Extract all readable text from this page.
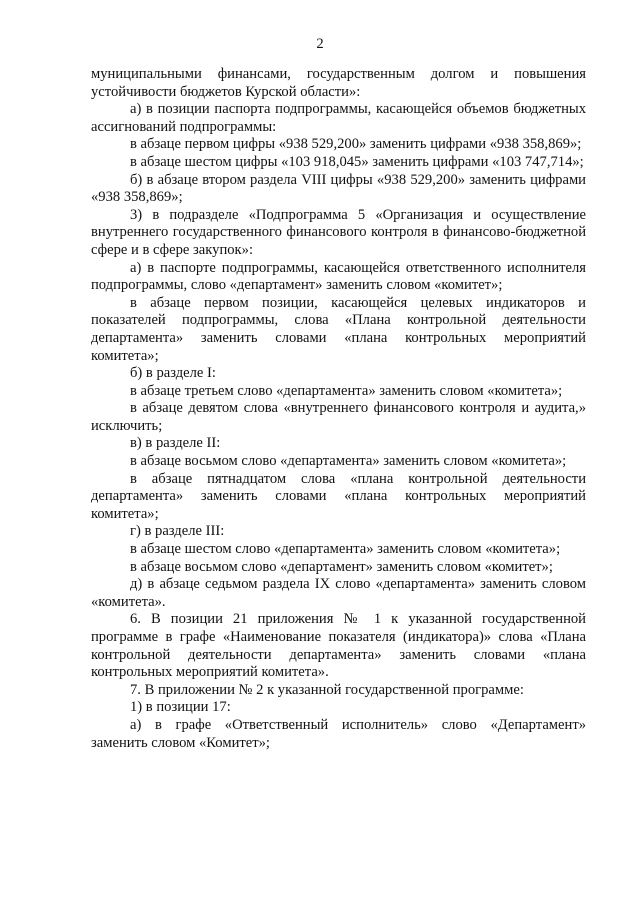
2

муниципальными финансами, государственным долгом и повышения устойчивости бюджетов Курской области»:

а) в позиции паспорта подпрограммы, касающейся объемов бюджетных ассигнований подпрограммы:

в абзаце первом цифры «938 529,200» заменить цифрами «938 358,869»;

в абзаце шестом цифры «103 918,045» заменить цифрами «103 747,714»;

б) в абзаце втором раздела VIII цифры «938 529,200» заменить цифрами «938 358,869»;

3) в подразделе «Подпрограмма 5 «Организация и осуществление внутреннего государственного финансового контроля в финансово-бюджетной сфере и в сфере закупок»:

а) в паспорте подпрограммы, касающейся ответственного исполнителя подпрограммы, слово «департамент» заменить словом «комитет»;

в абзаце первом позиции, касающейся целевых индикаторов и показателей подпрограммы, слова «Плана контрольной деятельности департамента» заменить словами «плана контрольных мероприятий комитета»;

б) в разделе I:

в абзаце третьем слово «департамента» заменить словом «комитета»;

в абзаце девятом слова «внутреннего финансового контроля и аудита,» исключить;

в) в разделе II:

в абзаце восьмом слово «департамента» заменить словом «комитета»;

в абзаце пятнадцатом слова «плана контрольной деятельности департамента» заменить словами «плана контрольных мероприятий комитета»;

г) в разделе III:

в абзаце шестом слово «департамента» заменить словом «комитета»;

в абзаце восьмом слово «департамент» заменить словом «комитет»;

д) в абзаце седьмом раздела IX слово «департамента» заменить словом «комитета».

6. В позиции 21 приложения № 1 к указанной государственной программе в графе «Наименование показателя (индикатора)» слова «Плана контрольной деятельности департамента» заменить словами «плана контрольных мероприятий комитета».

7. В приложении № 2 к указанной государственной программе:

1) в позиции 17:

а) в графе «Ответственный исполнитель» слово «Департамент» заменить словом «Комитет»;
